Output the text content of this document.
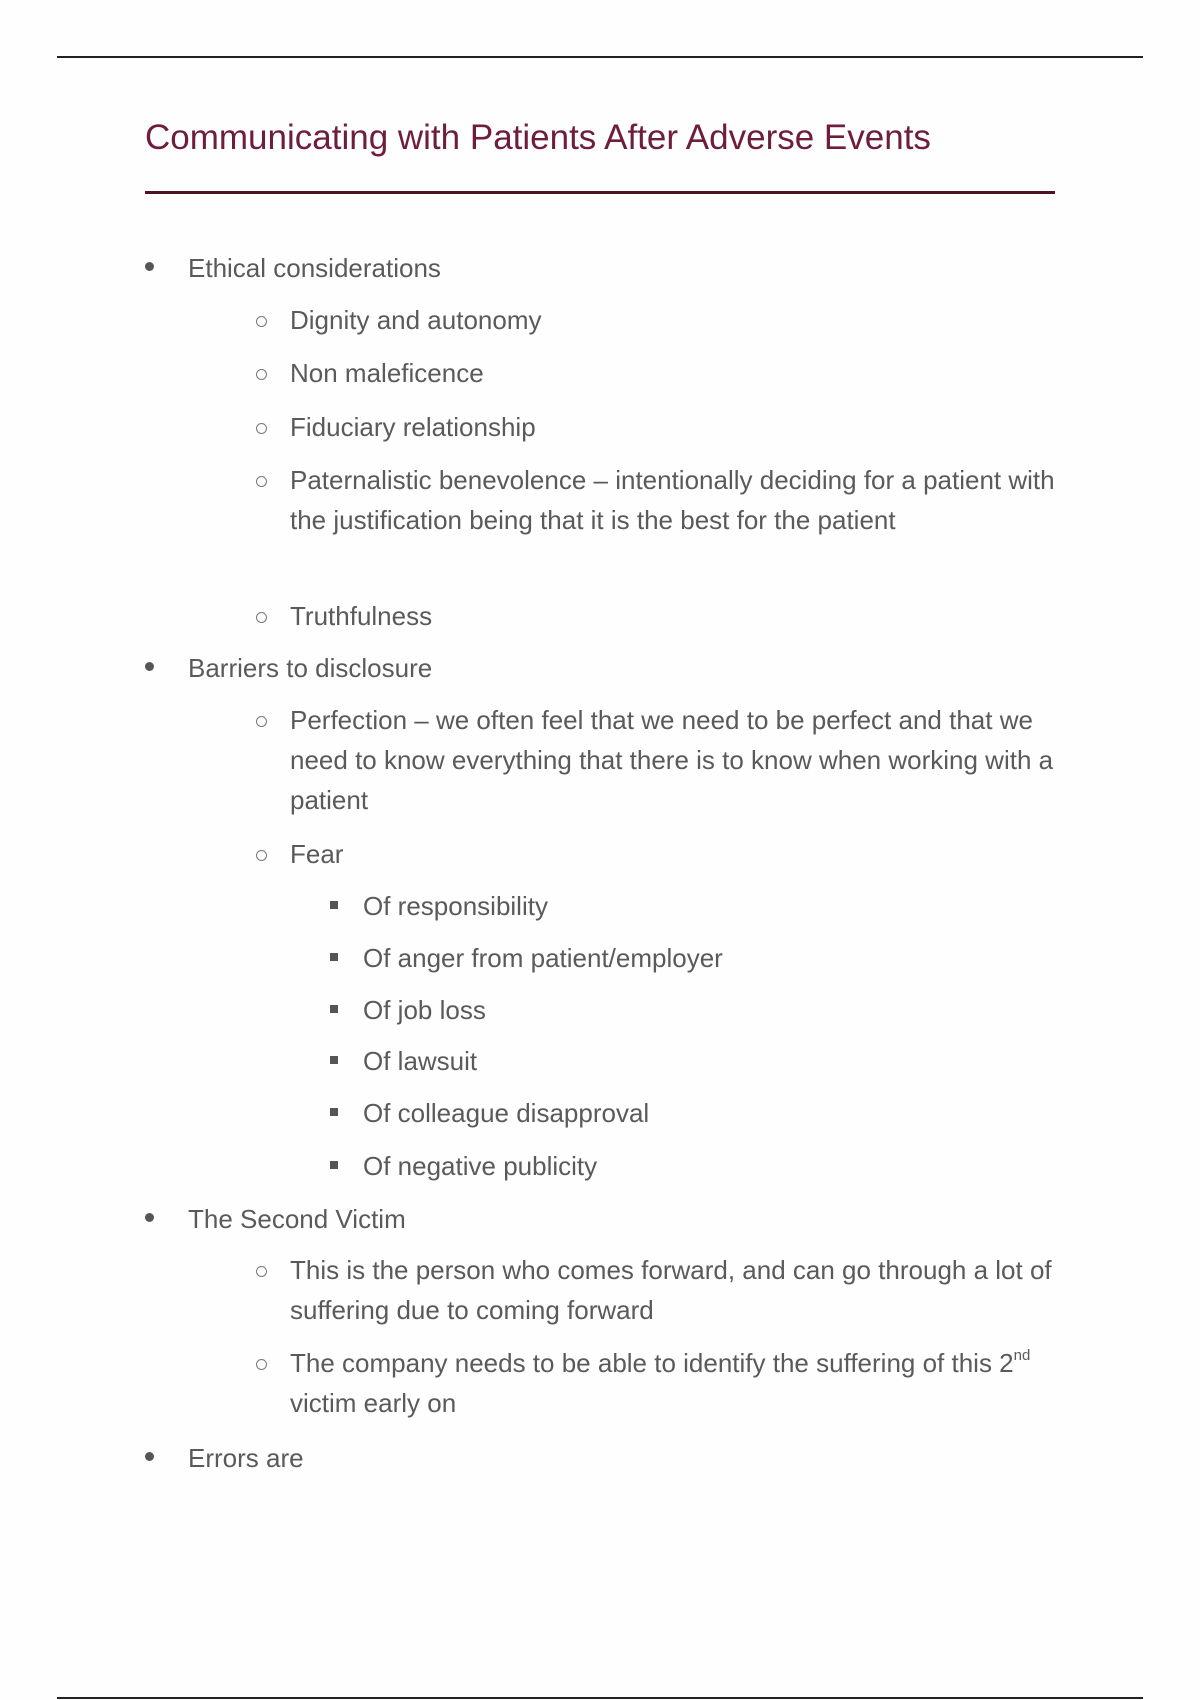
Communicating with Patients After Adverse Events
Ethical considerations
Dignity and autonomy
Non maleficence
Fiduciary relationship
Paternalistic benevolence – intentionally deciding for a patient with the justification being that it is the best for the patient
Truthfulness
Barriers to disclosure
Perfection – we often feel that we need to be perfect and that we need to know everything that there is to know when working with a patient
Fear
Of responsibility
Of anger from patient/employer
Of job loss
Of lawsuit
Of colleague disapproval
Of negative publicity
The Second Victim
This is the person who comes forward, and can go through a lot of suffering due to coming forward
The company needs to be able to identify the suffering of this 2nd victim early on
Errors are
